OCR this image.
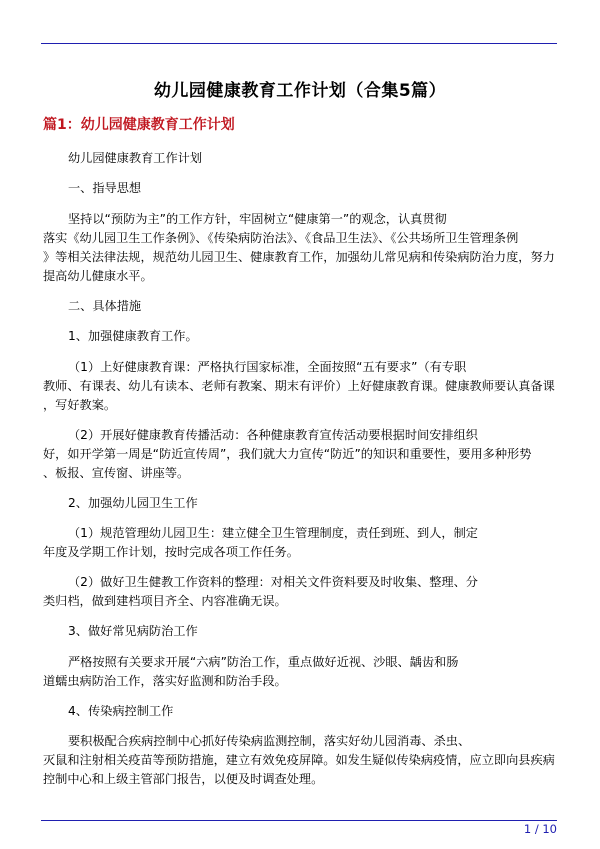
幼儿园健康教育工作计划（合集5篇）
篇1：幼儿园健康教育工作计划
幼儿园健康教育工作计划
一、指导思想
坚持以“预防为主”的工作方针，牢固树立“健康第一”的观念，认真贯彻
落实《幼儿园卫生工作条例》、《传染病防治法》、《食品卫生法》、《公共场所卫生管理条例
》等相关法律法规，规范幼儿园卫生、健康教育工作，加强幼儿常见病和传染病防治力度，努力
提高幼儿健康水平。
二、具体措施
1、加强健康教育工作。
（1）上好健康教育课：严格执行国家标准，全面按照“五有要求”（有专职
教师、有课表、幼儿有读本、老师有教案、期末有评价）上好健康教育课。健康教师要认真备课
，写好教案。
（2）开展好健康教育传播活动：各种健康教育宣传活动要根据时间安排组织
好，如开学第一周是“防近宣传周”，我们就大力宣传“防近”的知识和重要性，要用多种形势
、板报、宣传窗、讲座等。
2、加强幼儿园卫生工作
（1）规范管理幼儿园卫生：建立健全卫生管理制度，责任到班、到人，制定
年度及学期工作计划，按时完成各项工作任务。
（2）做好卫生健教工作资料的整理：对相关文件资料要及时收集、整理、分
类归档，做到建档项目齐全、内容准确无误。
3、做好常见病防治工作
严格按照有关要求开展“六病”防治工作，重点做好近视、沙眼、龋齿和肠
道蠕虫病防治工作，落实好监测和防治手段。
4、传染病控制工作
要积极配合疾病控制中心抓好传染病监测控制，落实好幼儿园消毒、杀虫、
灭鼠和注射相关疫苗等预防措施，建立有效免疫屏障。如发生疑似传染病疫情，应立即向县疾病
控制中心和上级主管部门报告，以便及时调查处理。
1 / 10
